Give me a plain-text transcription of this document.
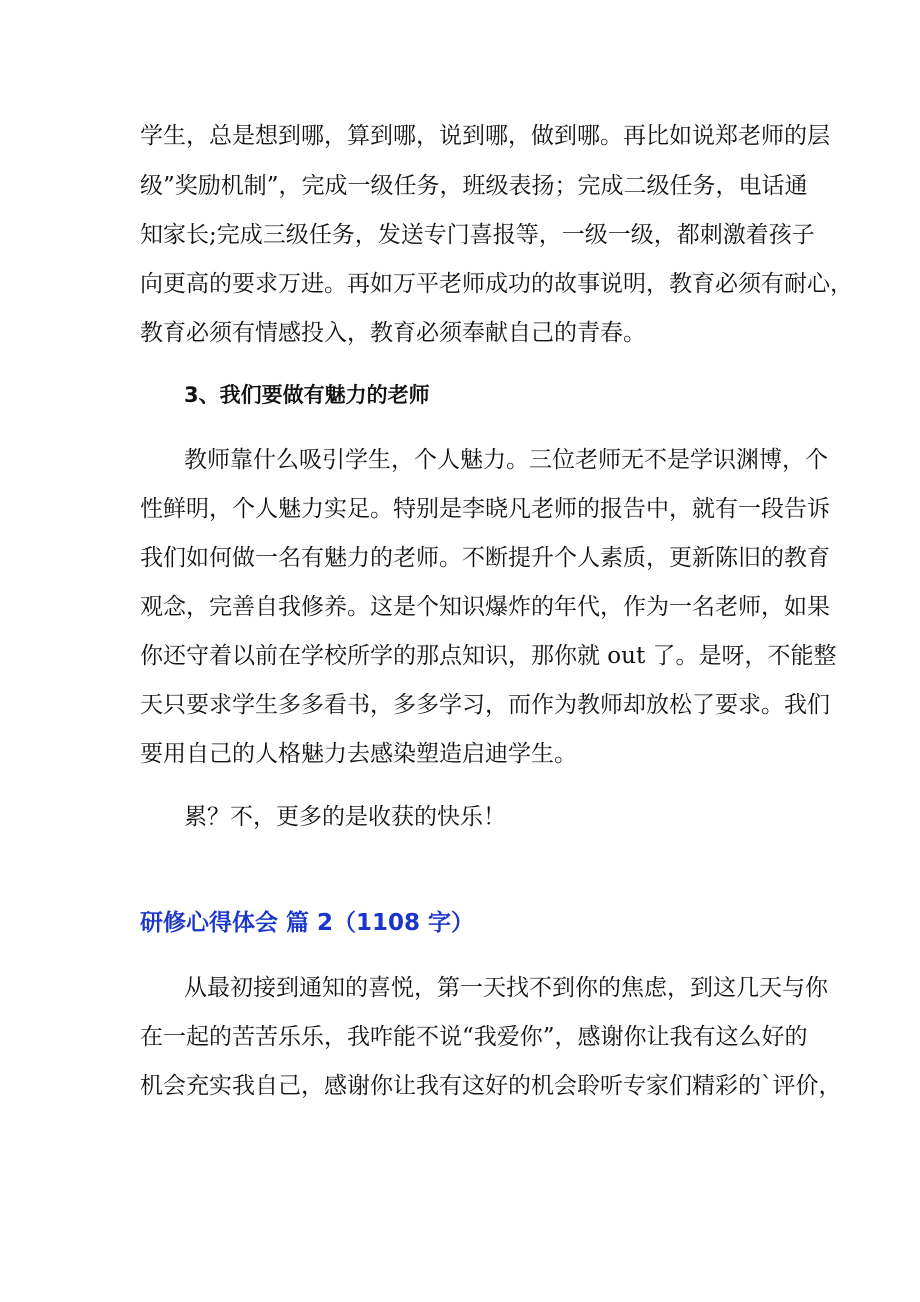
学生，总是想到哪，算到哪，说到哪，做到哪。再比如说郑老师的层
级”奖励机制”，完成一级任务，班级表扬；完成二级任务，电话通
知家长;完成三级任务，发送专门喜报等，一级一级，都刺激着孩子
向更高的要求万进。再如万平老师成功的故事说明，教育必须有耐心，
教育必须有情感投入，教育必须奉献自己的青春。
3、我们要做有魅力的老师
教师靠什么吸引学生，个人魅力。三位老师无不是学识渊博，个
性鲜明，个人魅力实足。特别是李晓凡老师的报告中，就有一段告诉
我们如何做一名有魅力的老师。不断提升个人素质，更新陈旧的教育
观念，完善自我修养。这是个知识爆炸的年代，作为一名老师，如果
你还守着以前在学校所学的那点知识，那你就 out 了。是呀，不能整
天只要求学生多多看书，多多学习，而作为教师却放松了要求。我们
要用自己的人格魅力去感染塑造启迪学生。
累？不，更多的是收获的快乐！
研修心得体会 篇 2（1108 字）
从最初接到通知的喜悦，第一天找不到你的焦虑，到这几天与你
在一起的苦苦乐乐，我咋能不说“我爱你”，感谢你让我有这么好的
机会充实我自己，感谢你让我有这好的机会聆听专家们精彩的`评价，
